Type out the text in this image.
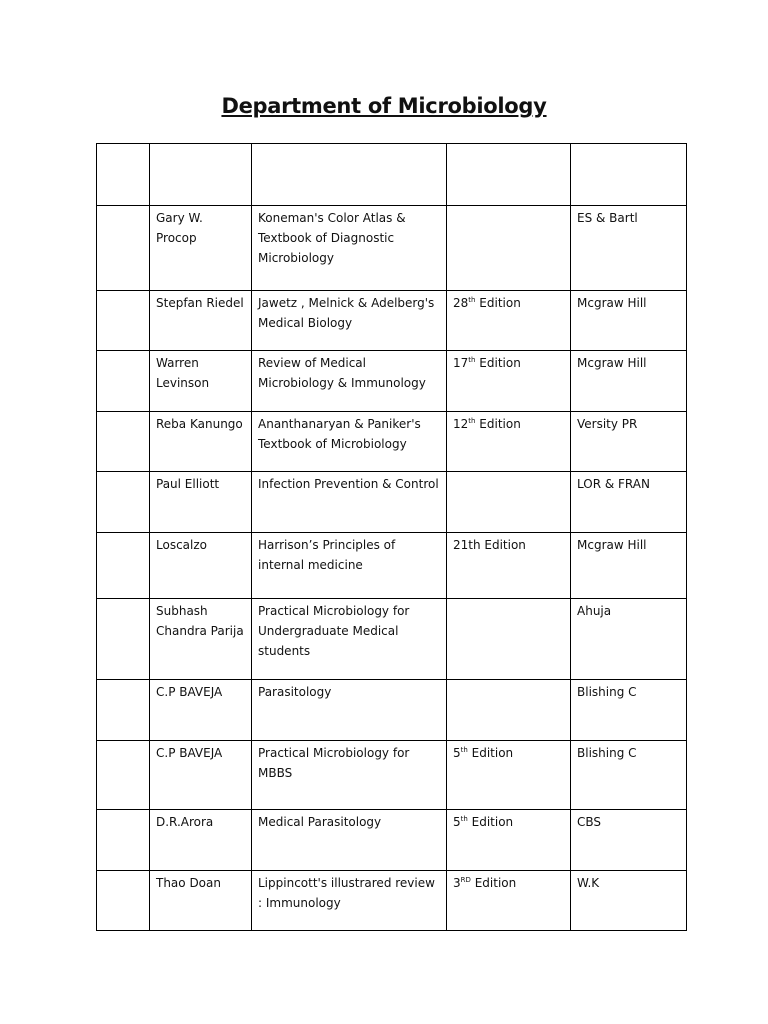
Department of Microbiology

	Gary W. Procop	Koneman's Color Atlas & Textbook of Diagnostic Microbiology		ES & Bartl
	Stepfan Riedel	Jawetz , Melnick & Adelberg's Medical Biology	28th Edition	Mcgraw Hill
	Warren Levinson	Review of Medical Microbiology & Immunology	17th Edition	Mcgraw Hill
	Reba Kanungo	Ananthanaryan & Paniker's Textbook of Microbiology	12th Edition	Versity PR
	Paul Elliott	Infection Prevention & Control		LOR & FRAN
	Loscalzo	Harrison’s Principles of internal medicine	21th Edition	Mcgraw Hill
	Subhash Chandra Parija	Practical Microbiology for Undergraduate Medical students		Ahuja
	C.P BAVEJA	Parasitology		Blishing C
	C.P BAVEJA	Practical Microbiology for MBBS	5th Edition	Blishing C
	D.R.Arora	Medical Parasitology	5th Edition	CBS
	Thao Doan	Lippincott's illustrared review : Immunology	3RD Edition	W.K
